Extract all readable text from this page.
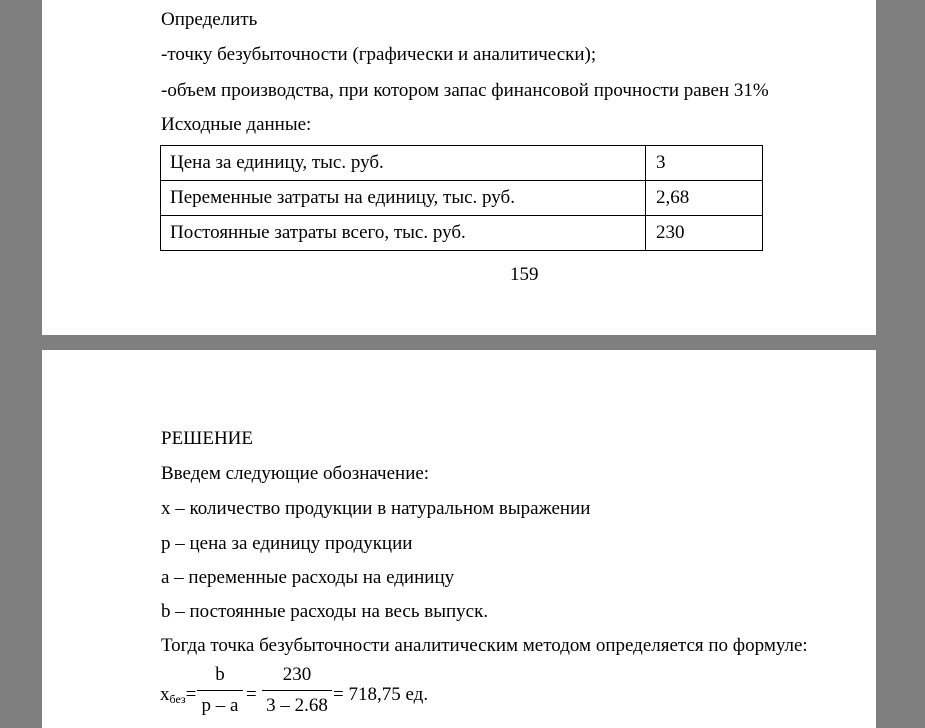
Определить
-точку безубыточности (графически и аналитически);
-объем производства, при котором запас финансовой прочности равен 31%
Исходные данные:
Цена за единицу, тыс. руб.	3
Переменные затраты на единицу, тыс. руб.	2,68
Постоянные затраты всего, тыс. руб.	230
159
РЕШЕНИЕ
Введем следующие обозначение:
х – количество продукции в натуральном выражении
р – цена за единицу продукции
а – переменные расходы на единицу
b – постоянные расходы на весь выпуск.
Тогда точка безубыточности аналитическим методом определяется по формуле:
хбез=
b
p – a
=
230
3 – 2.68
= 718,75 ед.
